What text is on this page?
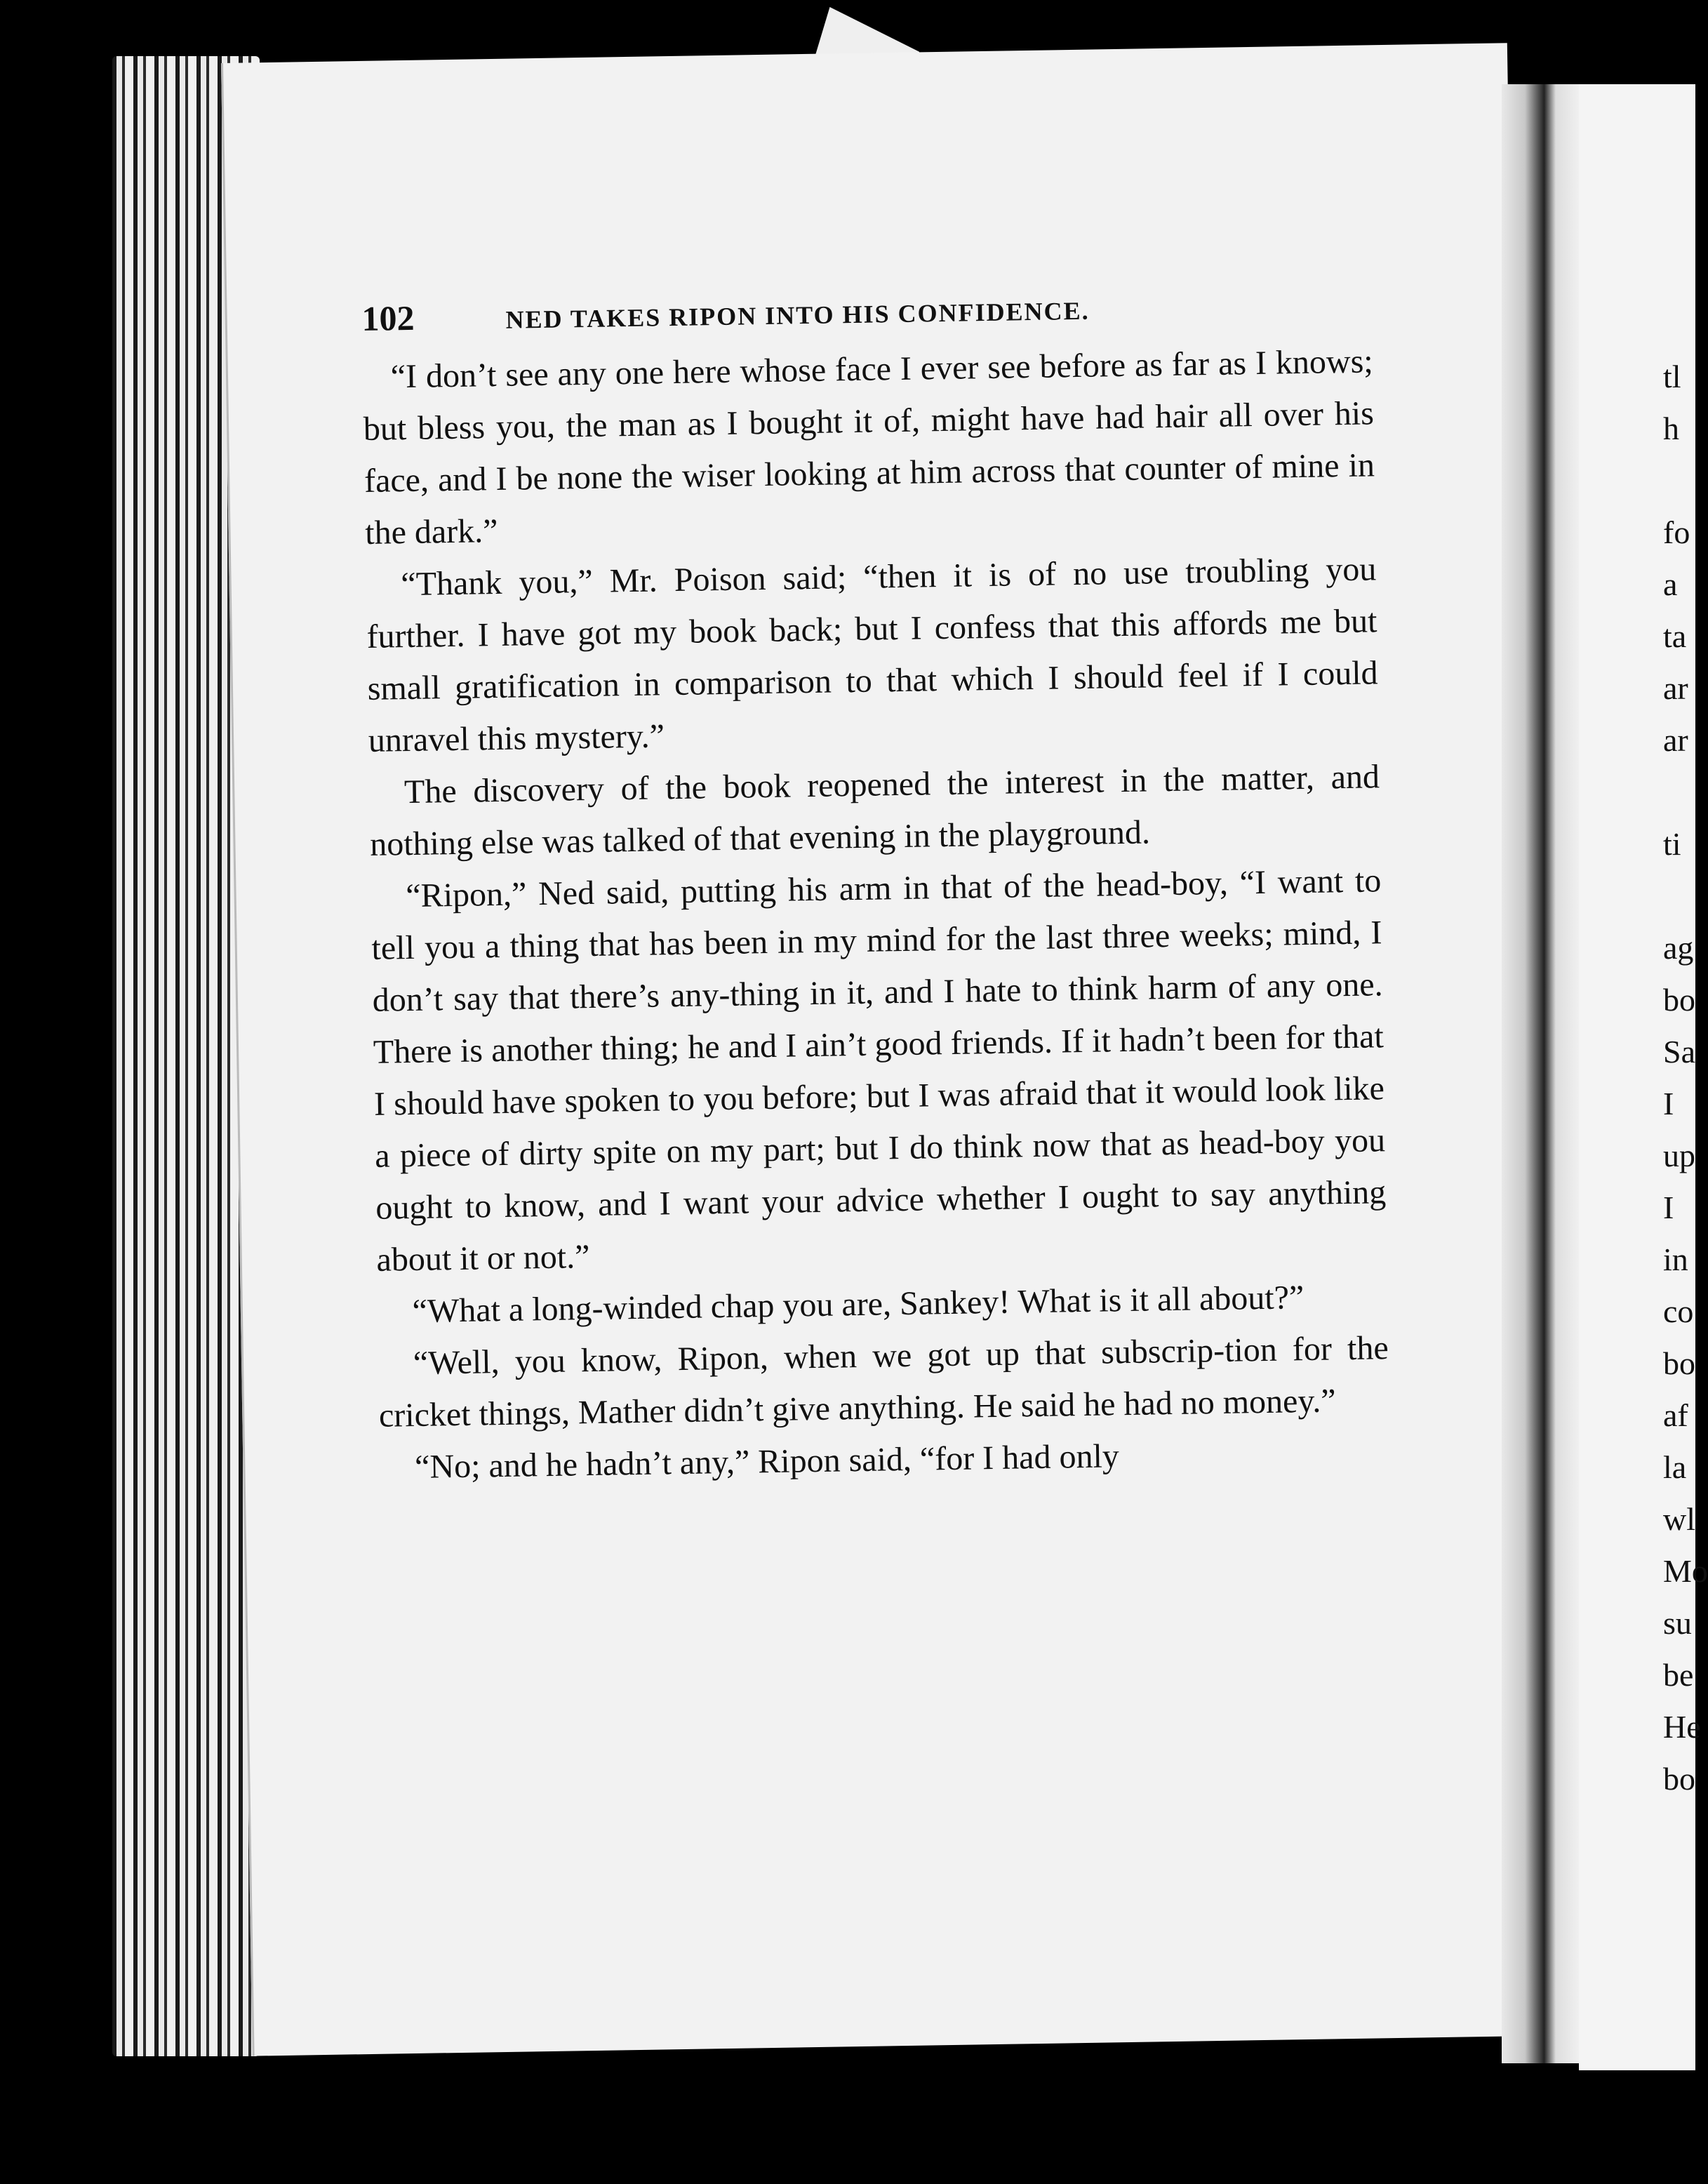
102	NED TAKES RIPON INTO HIS CONFIDENCE.

“I don’t see any one here whose face I ever see before as far as I knows; but bless you, the man as I bought it of, might have had hair all over his face, and I be none the wiser looking at him across that counter of mine in the dark.”

“Thank you,” Mr. Poison said; “then it is of no use troubling you further. I have got my book back; but I confess that this affords me but small gratification in comparison to that which I should feel if I could unravel this mystery.”

The discovery of the book reopened the interest in the matter, and nothing else was talked of that evening in the playground.

“Ripon,” Ned said, putting his arm in that of the head-boy, “I want to tell you a thing that has been in my mind for the last three weeks; mind, I don’t say that there’s any-thing in it, and I hate to think harm of any one. There is another thing; he and I ain’t good friends. If it hadn’t been for that I should have spoken to you before; but I was afraid that it would look like a piece of dirty spite on my part; but I do think now that as head-boy you ought to know, and I want your advice whether I ought to say anything about it or not.”

“What a long-winded chap you are, Sankey! What is it all about?”

“Well, you know, Ripon, when we got up that subscrip-tion for the cricket things, Mather didn’t give anything. He said he had no money.”

“No; and he hadn’t any,” Ripon said, “for I had only

tl
h
fo
a
ta
ar
ar
ti
ag
bo
Sa
I
up
I
in
co
bo
af
la
wl
Mo
su
be
He
bo
